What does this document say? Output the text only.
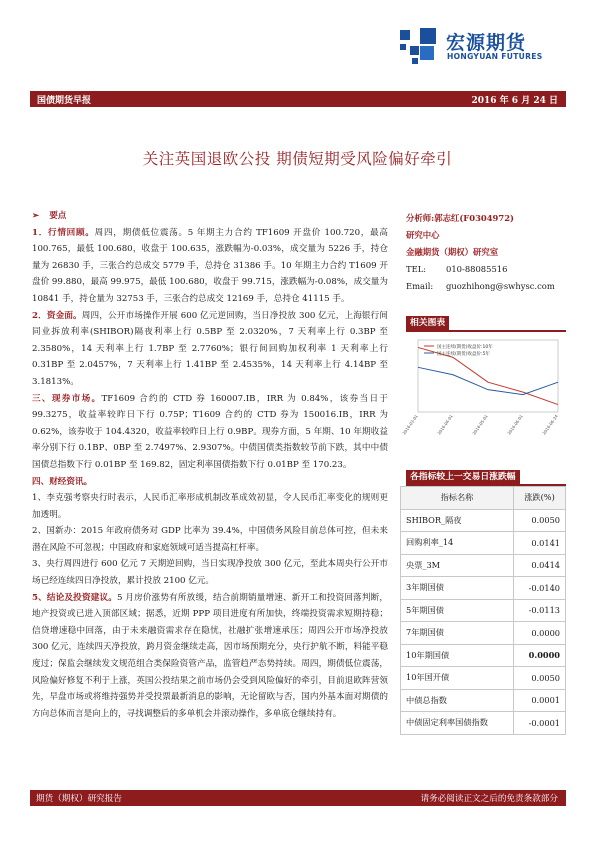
宏源期货
HONGYUAN FUTURES
国债期货早报	2016 年 6 月 24 日
关注英国退欧公投 期债短期受风险偏好牵引
➢ 要点
1．行情回顾。周四，期债低位震荡。5 年期主力合约 TF1609 开盘价 100.720，最高 100.765，最低 100.680，收盘于 100.635，涨跌幅为-0.03%，成交量为 5226 手，持仓量为 26830 手，三张合约总成交 5779 手，总持仓 31386 手。10 年期主力合约 T1609 开盘价 99.880，最高 99.975，最低 100.680，收盘于 99.715，涨跌幅为-0.08%，成交量为 10841 手，持仓量为 32753 手，三张合约总成交 12169 手，总持仓 41115 手。
2．资金面。周四，公开市场操作开展 600 亿元逆回购，当日净投放 300 亿元，上海银行间同业拆放利率(SHIBOR)隔夜利率上行 0.5BP 至 2.0320%，7 天利率上行 0.3BP 至 2.3580%，14 天利率上行 1.7BP 至 2.7760%；银行间回购加权利率 1 天利率上行 0.31BP 至 2.0457%，7 天利率上行 1.41BP 至 2.4535%，14 天利率上行 4.14BP 至 3.1813%。
三、现券市场。TF1609 合约的 CTD 券 160007.IB，IRR 为 0.84%，该券当日于 99.3275，收益率较昨日下行 0.75P；T1609 合约的 CTD 券为 150016.IB，IRR 为 0.62%，该券收于 104.4320，收益率较昨日上行 0.9BP。现券方面，5 年期、10 年期收益率分别下行 0.1BP、0BP 至 2.7497%、2.9307%。中债国债类指数较节前下跌，其中中债国债总指数下行 0.01BP 至 169.82，固定利率国债指数下行 0.01BP 至 170.23。
四、财经资讯。
1、李克强考察央行时表示，人民币汇率形成机制改革成效初显，令人民币汇率变化的规则更加透明。
2、国新办：2015 年政府债务对 GDP 比率为 39.4%，中国债务风险目前总体可控，但未来潜在风险不可忽视；中国政府和家庭领域可适当提高杠杆率。
3、央行周四进行 600 亿元 7 天期逆回购，当日实现净投放 300 亿元，至此本周央行公开市场已经连续四日净投放，累计投放 2100 亿元。
5、结论及投资建议。5 月房价涨势有所放缓，结合前期销量增速、新开工和投资回落判断，地产投资或已进入顶部区域；据悉，近期 PPP 项目进度有所加快，终端投资需求短期持稳；信贷增速稳中回落，由于未来融资需求存在隐忧，社融扩张增速承压；周四公开市场净投放 300 亿元，连续四天净投放，跨月资金继续走高，因市场预期充分，央行护航不断，料能平稳度过；保监会继续发文规范组合类保险资管产品，监管趋严态势持续。周四，期债低位震荡，风险偏好修复不利于上涨，英国公投结果之前市场仍会受到风险偏好的牵引，目前退欧阵营领先，早盘市场或将维持强势并受投票最新消息的影响，无论留欧与否，国内外基本面对期债的方向总体而言是向上的，寻找调整后的多单机会并滚动操作，多单底仓继续持有。
分析师:郭志红(F0304972)
研究中心
金融期货（期权）研究室
TEL:	010-88085516
Email:	guozhihong@swhysc.com
相关图表
国主连续(期货)收盘价:10年
国主连续(期货)收盘价:5年
2016-03-01	2016-04-01	2016-05-01	2016-06-01	2016-06-24
各指标较上一交易日涨跌幅
指标名称	涨跌(%)
SHIBOR_隔夜	0.0050
回购利率_14	0.0141
央票_3M	0.0414
3年期国债	-0.0140
5年期国债	-0.0113
7年期国债	0.0000
10年期国债	0.0000
10年国开债	0.0050
中债总指数	0.0001
中债固定利率国债指数	-0.0001
期货（期权）研究报告	请务必阅读正文之后的免责条款部分
